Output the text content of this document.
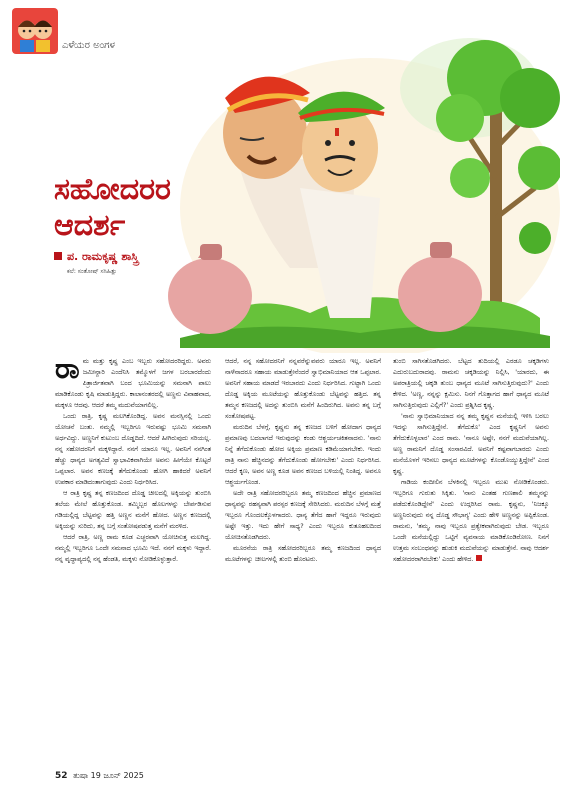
ಎಳೆಯರ ಅಂಗಳ
ಸಹೋದರರ
ಆದರ್ಶ
ಪ. ರಾಮಕೃಷ್ಣ ಶಾಸ್ತ್ರಿ
ಕಲೆ: ಸಂತೋಷ್ ಸಸಿಹಿತ್ಲು

ರಾಮ ಮತ್ತು ಕೃಷ್ಣ ಎಂಬ ಇಬ್ಬರು ಸಹೋದರರಿದ್ದರು. ಅವರು ಜಮೀನ್ದಾರಿ ಎಂದೆನಿಸಿ ತಮ್ಮೊಳಗೆ ಜಗಳ ಬರಬಾರದೆಂದು ಪಿತ್ರಾರ್ಜಿತವಾಗಿ ಬಂದ ಭೂಮಿಯನ್ನು ಸಮನಾಗಿ ಪಾಲು ಮಾಡಿಕೊಂಡು ಕೃಷಿ ಮಾಡುತ್ತಿದ್ದರು. ಕಾಲಾನಂತರದಲ್ಲಿ ಅಣ್ಣನು ವಿವಾಹವಾದ, ಮಕ್ಕಳೂ ಆದವು. ಆದರೆ ತಮ್ಮ ಮದುವೆಯಾಗಲಿಲ್ಲ.

ಒಂದು ರಾತ್ರಿ, ಕೃಷ್ಣ ಮಲಗಿಕೊಂಡಿದ್ದ. ಅವನ ಮನಸ್ಸಿನಲ್ಲಿ ಒಂದು ಯೋಚನೆ ಬಂತು. ನಮ್ಮಲ್ಲಿ ಇಬ್ಬರಿಗೂ ಇರುವಷ್ಟು ಭೂಮಿ ಸಮನಾಗಿ ಅರ್ಧವಿದ್ದು. ಅಣ್ಣನಿಗೆ ಕುಟುಂಬ ದೊಡ್ಡದಿದೆ. ಆದರೆ ಹೀಗಿರುವುದು ಸರಿಯಲ್ಲ. ನನ್ನ ಸಹೋದರನಿಗೆ ಮಕ್ಕಳಿದ್ದಾರೆ. ನನಗೆ ಯಾರೂ ಇಲ್ಲ. ಅವನಿಗೆ ನನಗಿಂತ ಹೆಚ್ಚು ಧಾನ್ಯದ ಅಗತ್ಯವಿದೆ ಸ್ವಾಭಾವಿಕವಾಗಿಯೇ ಅವನು ಹೀಗೆಯೇ ಕೊಟ್ಟರೆ ಒಪ್ಪಲಾರ. ಅವನ ಕಣಜಕ್ಕೆ ತೆಗೆದುಕೊಂಡು ಹೋಗಿ ಹಾಕಿದರೆ ಅವನಿಗೆ ಉಪಕಾರ ಮಾಡಿದಂತಾಗುವುದು ಎಂದು ನಿರ್ಧರಿಸಿದ.

ಆ ರಾತ್ರಿ ಕೃಷ್ಣ ತನ್ನ ಕಣಜದಿಂದ ದೊಡ್ಡ ಚೀಲದಲ್ಲಿ ಅಕ್ಕಿಯನ್ನು ತುಂಬಿಸಿ ತಲೆಯ ಮೇಲೆ ಹೊತ್ತುಕೊಂಡ. ತಮ್ಮಿಬ್ಬರ ಹೊಲಗಳನ್ನು ಬೇರ್ಪಡಿಸುವ ಗಡಿಯಲ್ಲಿದ್ದ ಬೆಟ್ಟವನ್ನು ಹತ್ತಿ ಅಣ್ಣನ ಮನೆಗೆ ಹೋದ. ಅಣ್ಣನ ಕಣಜದಲ್ಲಿ ಅಕ್ಕಿಯನ್ನು ಸುರಿದು, ತನ್ನ ಬಗ್ಗೆ ಸಂತೋಷಪಡುತ್ತ ಮನೆಗೆ ಮರಳಿದ.

ಆದರೆ ರಾತ್ರಿ, ಅಣ್ಣ ರಾಮ ಕೂಡ ಎಚ್ಚರವಾಗಿ ಯೋಚಿಸುತ್ತ ಮಲಗಿದ್ದ. ನಮ್ಮಲ್ಲಿ ಇಬ್ಬರಿಗೂ ಒಂದೇ ಸಮನಾದ ಭೂಮಿ ಇದೆ. ನನಗೆ ಮಕ್ಕಳು ಇದ್ದಾರೆ. ನನ್ನ ವೃದ್ಧಾಪ್ಯದಲ್ಲಿ ನನ್ನ ಹೆಂಡತಿ, ಮಕ್ಕಳು ನೋಡಿಕೊಳ್ಳುತ್ತಾರೆ.

ಆದರೆ, ನನ್ನ ಸಹೋದರನಿಗೆ ನನ್ನವರೆನ್ನುವವರು ಯಾರೂ ಇಲ್ಲ. ಅವನಿಗೆ ನಾಳೆನಾದರೂ ಸಹಾಯ ಮಾಡುತ್ತೇನೆಂದರೆ ಸ್ವಾಭಿಮಾನಿಯಾದ ಆತ ಒಪ್ಪಲಾರ. ಅವನಿಗೆ ಸಹಾಯ ಮಾಡದೆ ಇರಬಾರದು ಎಂದು ನಿರ್ಧರಿಸಿದ. ಗುಟ್ಟಾಗಿ ಒಂದು ದೊಡ್ಡ ಅಕ್ಕಿಯ ಮೂಟೆಯನ್ನು ಹೊತ್ತುಕೊಂಡು ಬೆಟ್ಟವನ್ನು ಹತ್ತಿದ. ತನ್ನ ತಮ್ಮನ ಕಣಜದಲ್ಲಿ ಅದನ್ನು ತುಂಬಿಸಿ ಮನೆಗೆ ಹಿಂದಿರುಗಿದ. ಅವನು ತನ್ನ ಬಗ್ಗೆ ಸಂತೋಷಪಟ್ಟ.

ಮರುದಿನ ಬೆಳಗ್ಗೆ, ಕೃಷ್ಣನು ತನ್ನ ಕಣಜದ ಬಳಿಗೆ ಹೋದಾಗ ಧಾನ್ಯದ ಪ್ರಮಾಣವು ಬದಲಾಗದೆ ಇರುವುದನ್ನು ಕಂಡು ಆಶ್ಚರ್ಯಚಕಿತನಾದನು. 'ನಾನು ನಿನ್ನೆ ತೆಗೆದುಕೊಂಡು ಹೋದ ಅಕ್ಕಿಯ ಪ್ರಮಾಣ ಕಡಿಮೆಯಾಗಬೇಕು. ಇಂದು ರಾತ್ರಿ ನಾನು ಹೆಚ್ಚಿನದನ್ನು ತೆಗೆದುಕೊಂಡು ಹೋಗಬೇಕು' ಎಂದು ನಿರ್ಧರಿಸಿದ. ಆದರೆ ಕೃಣ, ಅವನ ಅಣ್ಣ ಕೂಡ ಅವನ ಕಣಜದ ಬಳಿಯಲ್ಲಿ ನಿಂತಿದ್ದ. ಅವನೂ ಆಶ್ಚರ್ಯಗೊಂಡ.

ಅದೇ ರಾತ್ರಿ ಸಹೋದರರಿಬ್ಬರೂ ತಮ್ಮ ಕಣಜದಿಂದ ಹೆಚ್ಚಿನ ಪ್ರಮಾಣದ ಧಾನ್ಯವನ್ನು ರಹಸ್ಯವಾಗಿ ಪರಸ್ಪರ ಕಣಜಕ್ಕೆ ಸೇರಿಸಿದರು. ಮರುದಿನ ಬೆಳಗ್ಗೆ ಮತ್ತೆ ಇಬ್ಬರೂ ಗೊಂದಲಕ್ಕೊಳಗಾದರು. ಧಾನ್ಯ ತೆಗೆದ ಹಾಗೆ ಇದ್ದರೂ ಇರುವುದು ಅಷ್ಟೇ ಇತ್ತು. ಇದು ಹೇಗೆ ಸಾಧ್ಯ? ಎಂದು ಇಬ್ಬರೂ ಕುತೂಹಲದಿಂದ ಯೋಚಿಸತೊಡಗಿದರು.

ಮೂರನೆಯ ರಾತ್ರಿ ಸಹೋದರರಿಬ್ಬರೂ ತಮ್ಮ ಕಣಜದಿಂದ ಧಾನ್ಯದ ಮೂಟೆಗಳನ್ನು ಚೀಲಗಳಲ್ಲಿ ತುಂಬಿ ಹೊರಟರು.

ತುಂಬಿ ಸಾಗಿಸತೊಡಗಿದರು. ಬೆಟ್ಟದ ತುದಿಯಲ್ಲಿ ಎರಡೂ ಚಕ್ಕಡಿಗಳು ಎದುರುಬದುರಾದವು. ರಾಮನು ಚಕ್ಕಡಿಯನ್ನು ನಿಲ್ಲಿಸಿ, 'ಯಾರದು, ಈ ಅಪರಾತ್ರಿಯಲ್ಲಿ ಚಕ್ಕಡಿ ತುಂಬ ಧಾನ್ಯದ ಮೂಟೆ ಸಾಗಿಸುತ್ತಿರುವುದು?' ಎಂದು ಕೇಳಿದ. 'ಅಣ್ಣ, ನನ್ನನ್ನು ಕ್ಷಮಿಸು. ನಿನಗೆ ಗೊತ್ತಾಗದ ಹಾಗೆ ಧಾನ್ಯದ ಮೂಟೆ ಸಾಗಿಸುತ್ತಿರುವುದು ಎಲ್ಲಿಗೆ?' ಎಂದು ಪ್ರಶ್ನಿಸಿದ ಕೃಷ್ಣ.

'ನಾನು ಸ್ವಾಭಿಮಾನಿಯಾದ ನನ್ನ ತಮ್ಮ ಕೃಷ್ಣನ ಮನೆಯಲ್ಲಿ ಇಳಿಸಿ ಬರಲು ಇದನ್ನು ಸಾಗಿಸುತ್ತಿದ್ದೇನೆ. ತೆಗೆದುಕೊ' ಎಂದ ಕೃಷ್ಣನಿಗೆ ಅವನು ತೆಗೆದುಕೊಳ್ಳಲಾರ' ಎಂದ ರಾಮ. 'ನಾನೂ ಅಷ್ಟೇ, ನನಗೆ ಮದುವೆಯಾಗಿಲ್ಲ. ಅಣ್ಣ ರಾಮನಿಗೆ ದೊಡ್ಡ ಸಂಸಾರವಿದೆ. ಅವನಿಗೆ ಕಷ್ಟವಾಗಬಾರದು ಎಂದು ಮನೆಯೊಳಗೆ ಇರಿಸಲು ಧಾನ್ಯದ ಮೂಟೆಗಳನ್ನು ಕೊಂಡೊಯ್ಯುತ್ತಿದ್ದೇನೆ' ಎಂದ ಕೃಷ್ಣ.

ಗಾಡಿಯ ಕಂದೀಲಿನ ಬೆಳಕಿನಲ್ಲಿ ಇಬ್ಬರೂ ಮುಖ ನೋಡಿಕೊಂಡರು. ಇಬ್ಬರಿಗೂ ಗುರುತು ಸಿಕ್ಕಿತು. 'ನಾನು ಎಂತಹ ಗುಣಶಾಲಿ ತಮ್ಮನನ್ನು ಪಡೆದುಕೊಂಡಿದ್ದೇನೆ' ಎಂದು ಉದ್ಗರಿಸಿದ ರಾಮ. ಕೃಷ್ಣನು, 'ನಿಜಕ್ಕೂ ಅಣ್ಣನಿರುವುದು ನನ್ನ ದೊಡ್ಡ ಸೌಭಾಗ್ಯ' ಎಂದು ಹೇಳಿ ಅಣ್ಣನನ್ನು ಅಪ್ಪಿಕೊಂಡ. ರಾಮನು, 'ತಮ್ಮ, ನಾವು ಇಬ್ಬರೂ ಪ್ರತ್ಯೇಕವಾಗಿರುವುದು ಬೇಡ. ಇಬ್ಬರೂ ಒಂದೇ ಮನೆಯಲ್ಲಿದ್ದು ಒಟ್ಟಿಗೆ ವ್ಯವಸಾಯ ಮಾಡಿಕೊಂಡಿರೋಣ. ನಿನಗೆ ಉತ್ತಮ ಸಂಬಂಧವನ್ನು ಹುಡುಕಿ ಮದುವೆಯನ್ನು ಮಾಡುತ್ತೇನೆ. ನಾವು ಆದರ್ಶ ಸಹೋದರರಾಗಿರಬೇಕು' ಎಂದು ಹೇಳಿದ.

52 ತುಷಾ 19 ಜೂನ್ 2025
